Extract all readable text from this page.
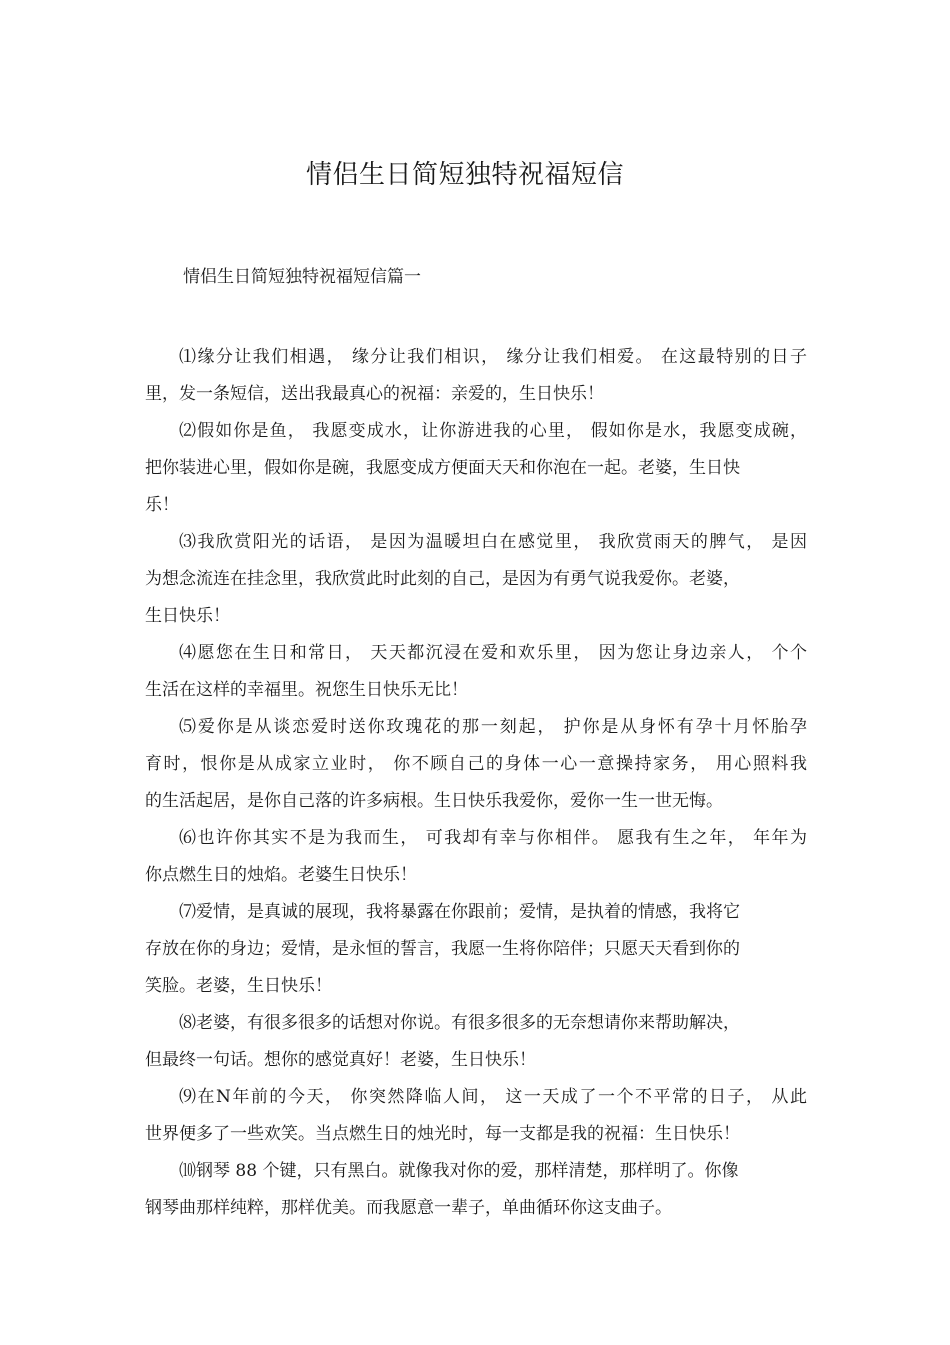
情侣生日简短独特祝福短信
情侣生日简短独特祝福短信篇一

⑴缘分让我们相遇， 缘分让我们相识， 缘分让我们相爱。 在这最特别的日子
里，发一条短信，送出我最真心的祝福：亲爱的，生日快乐！

⑵假如你是鱼， 我愿变成水，让你游进我的心里， 假如你是水，我愿变成碗，
把你装进心里，假如你是碗，我愿变成方便面天天和你泡在一起。老婆，生日快
乐！

⑶我欣赏阳光的话语， 是因为温暖坦白在感觉里， 我欣赏雨天的脾气， 是因
为想念流连在挂念里，我欣赏此时此刻的自己，是因为有勇气说我爱你。老婆，
生日快乐！

⑷愿您在生日和常日， 天天都沉浸在爱和欢乐里， 因为您让身边亲人， 个个
生活在这样的幸福里。祝您生日快乐无比！

⑸爱你是从谈恋爱时送你玫瑰花的那一刻起， 护你是从身怀有孕十月怀胎孕
育时，恨你是从成家立业时， 你不顾自己的身体一心一意操持家务， 用心照料我
的生活起居，是你自己落的许多病根。生日快乐我爱你，爱你一生一世无悔。

⑹也许你其实不是为我而生， 可我却有幸与你相伴。 愿我有生之年， 年年为
你点燃生日的烛焰。老婆生日快乐！

⑺爱情，是真诚的展现，我将暴露在你跟前；爱情，是执着的情感，我将它
存放在你的身边；爱情，是永恒的誓言，我愿一生将你陪伴；只愿天天看到你的
笑脸。老婆，生日快乐！

⑻老婆，有很多很多的话想对你说。有很多很多的无奈想请你来帮助解决，
但最终一句话。想你的感觉真好！老婆，生日快乐！

⑼在N年前的今天， 你突然降临人间， 这一天成了一个不平常的日子， 从此
世界便多了一些欢笑。当点燃生日的烛光时，每一支都是我的祝福：生日快乐！

⑽钢琴 88 个键，只有黑白。就像我对你的爱，那样清楚，那样明了。你像
钢琴曲那样纯粹，那样优美。而我愿意一辈子，单曲循环你这支曲子。
